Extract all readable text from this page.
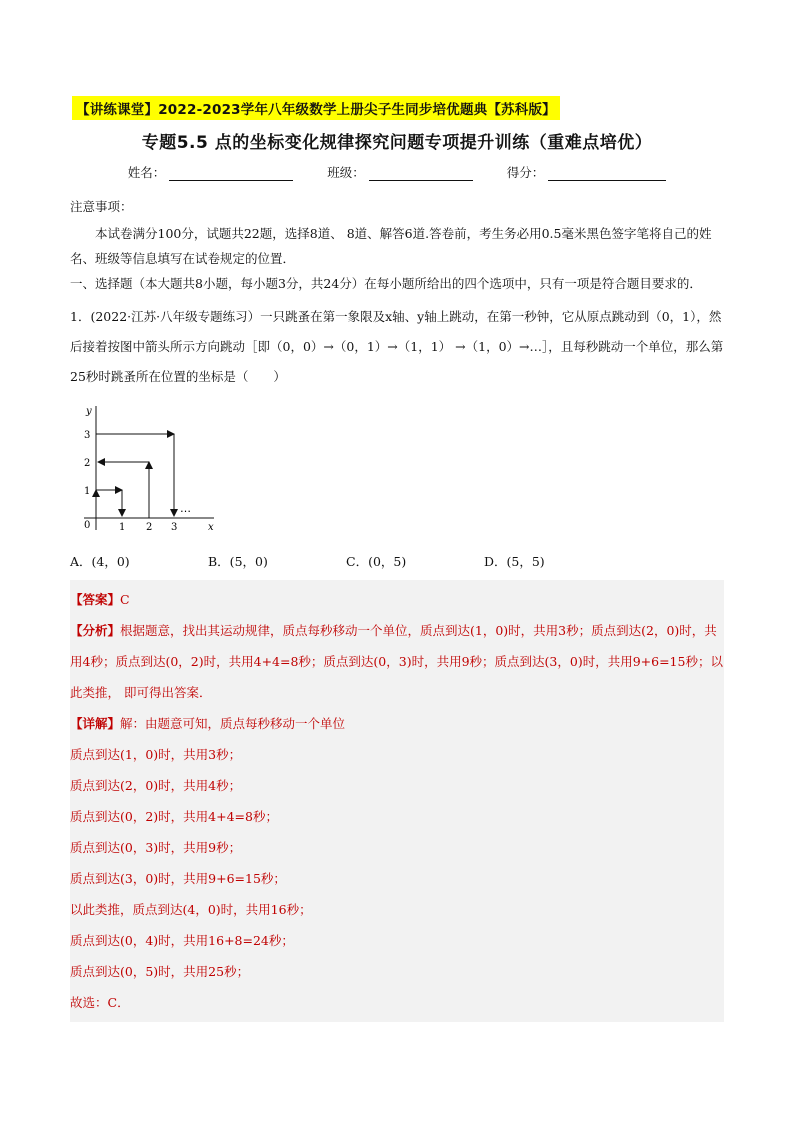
【讲练课堂】2022-2023学年八年级数学上册尖子生同步培优题典【苏科版】
专题5.5 点的坐标变化规律探究问题专项提升训练（重难点培优）
姓名：	班级：	得分：
注意事项：
本试卷满分100分，试题共22题，选择8道、 8道、解答6道.答卷前，考生务必用0.5毫米黑色签字笔将自己的姓名、班级等信息填写在试卷规定的位置．
一、选择题（本大题共8小题，每小题3分，共24分）在每小题所给出的四个选项中，只有一项是符合题目要求的．
1．(2022·江苏·八年级专题练习）一只跳蚤在第一象限及x轴、y轴上跳动，在第一秒钟，它从原点跳动到（0，1），然后接着按图中箭头所示方向跳动［即（0，0）→（0，1）→（1，1） →（1，0）→…］，且每秒跳动一个单位，那么第25秒时跳蚤所在位置的坐标是（　　）
y
x
0	1 2 3
1
2
3
…
A．(4，0)	B．(5，0)	C．(0，5)	D．(5，5)
【答案】C
【分析】根据题意，找出其运动规律，质点每秒移动一个单位，质点到达(1，0)时，共用3秒；质点到达(2，0)时，共用4秒；质点到达(0，2)时，共用4+4=8秒；质点到达(0，3)时，共用9秒；质点到达(3，0)时，共用9+6=15秒；以此类推， 即可得出答案．
【详解】解：由题意可知，质点每秒移动一个单位
质点到达(1，0)时，共用3秒；
质点到达(2，0)时，共用4秒；
质点到达(0，2)时，共用4+4=8秒；
质点到达(0，3)时，共用9秒；
质点到达(3，0)时，共用9+6=15秒；
以此类推，质点到达(4，0)时，共用16秒；
质点到达(0，4)时，共用16+8=24秒；
质点到达(0，5)时，共用25秒；
故选：C．
